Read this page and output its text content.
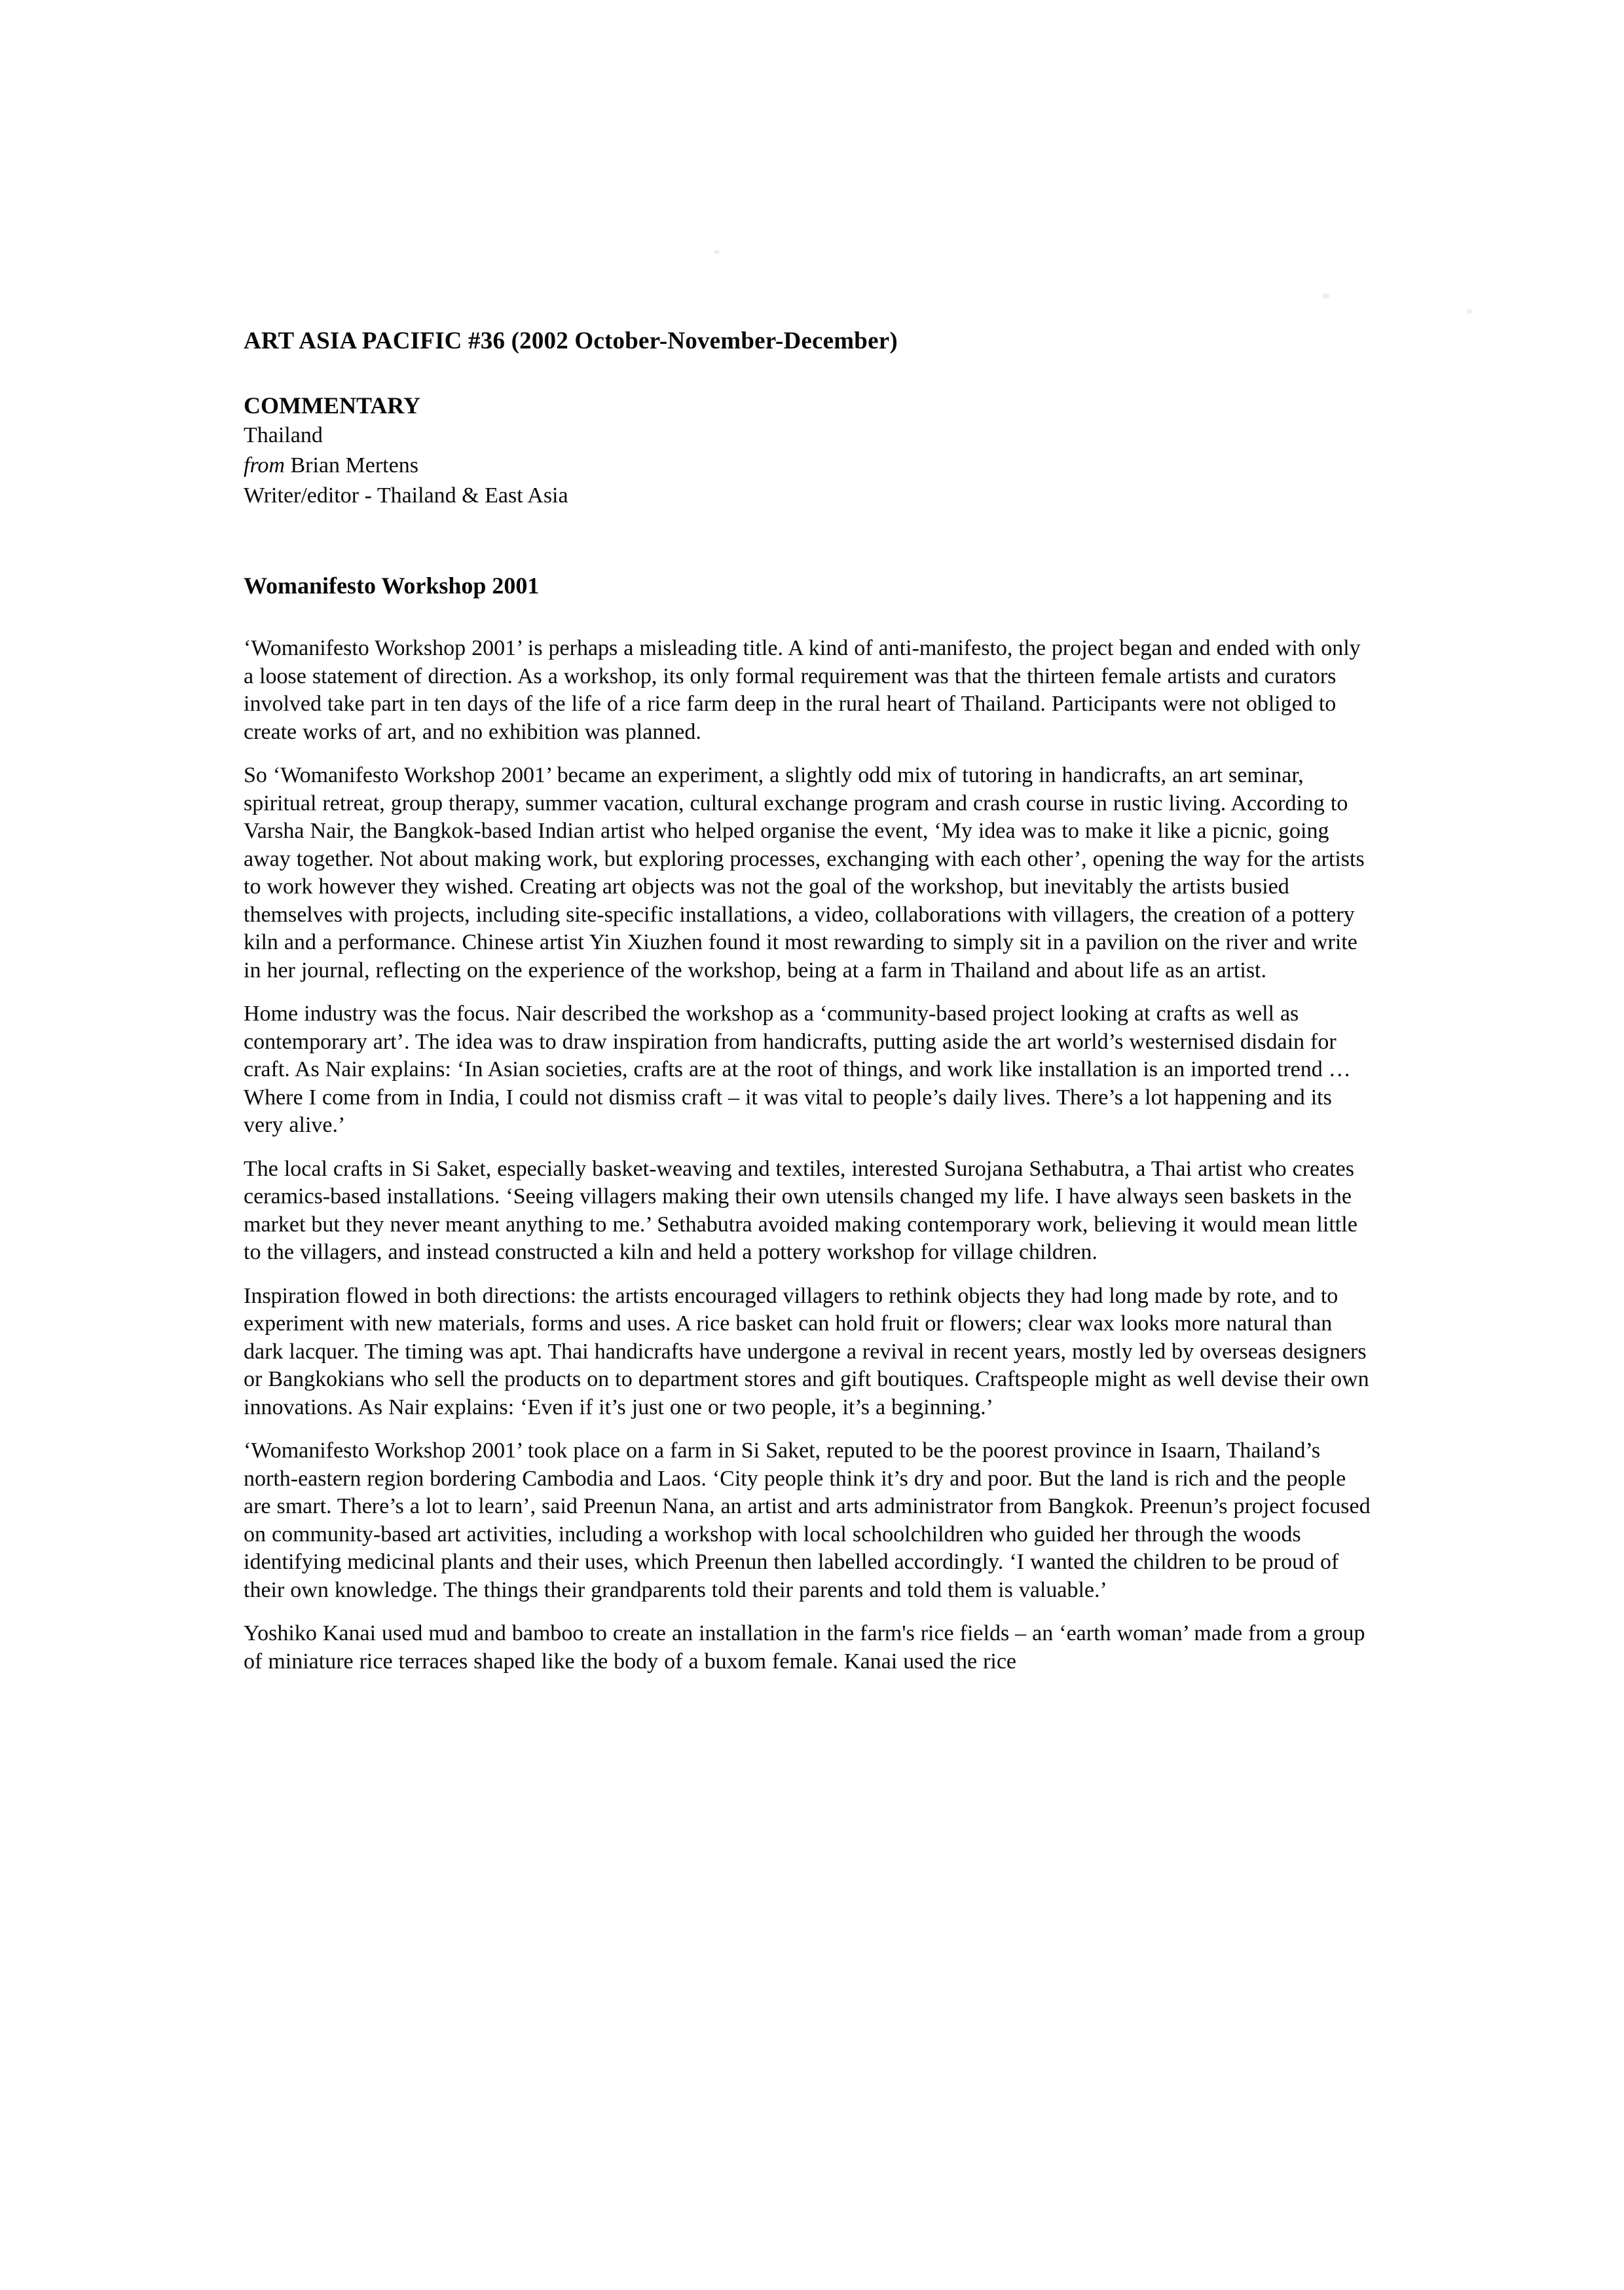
ART ASIA PACIFIC #36 (2002 October-November-December)
COMMENTARY
Thailand
from Brian Mertens
Writer/editor - Thailand & East Asia
Womanifesto Workshop 2001

‘Womanifesto Workshop 2001’ is perhaps a misleading title. A kind of anti-manifesto, the project began and ended with only a loose statement of direction. As a workshop, its only formal requirement was that the thirteen female artists and curators involved take part in ten days of the life of a rice farm deep in the rural heart of Thailand. Participants were not obliged to create works of art, and no exhibition was planned.

So ‘Womanifesto Workshop 2001’ became an experiment, a slightly odd mix of tutoring in handicrafts, an art seminar, spiritual retreat, group therapy, summer vacation, cultural exchange program and crash course in rustic living. According to Varsha Nair, the Bangkok-based Indian artist who helped organise the event, ‘My idea was to make it like a picnic, going away together. Not about making work, but exploring processes, exchanging with each other’, opening the way for the artists to work however they wished. Creating art objects was not the goal of the workshop, but inevitably the artists busied themselves with projects, including site-specific installations, a video, collaborations with villagers, the creation of a pottery kiln and a performance. Chinese artist Yin Xiuzhen found it most rewarding to simply sit in a pavilion on the river and write in her journal, reflecting on the experience of the workshop, being at a farm in Thailand and about life as an artist.

Home industry was the focus. Nair described the workshop as a ‘community-based project looking at crafts as well as contemporary art’. The idea was to draw inspiration from handicrafts, putting aside the art world’s westernised disdain for craft. As Nair explains: ‘In Asian societies, crafts are at the root of things, and work like installation is an imported trend … Where I come from in India, I could not dismiss craft – it was vital to people’s daily lives. There’s a lot happening and its very alive.’

The local crafts in Si Saket, especially basket-weaving and textiles, interested Surojana Sethabutra, a Thai artist who creates ceramics-based installations. ‘Seeing villagers making their own utensils changed my life. I have always seen baskets in the market but they never meant anything to me.’ Sethabutra avoided making contemporary work, believing it would mean little to the villagers, and instead constructed a kiln and held a pottery workshop for village children.

Inspiration flowed in both directions: the artists encouraged villagers to rethink objects they had long made by rote, and to experiment with new materials, forms and uses. A rice basket can hold fruit or flowers; clear wax looks more natural than dark lacquer. The timing was apt. Thai handicrafts have undergone a revival in recent years, mostly led by overseas designers or Bangkokians who sell the products on to department stores and gift boutiques. Craftspeople might as well devise their own innovations. As Nair explains: ‘Even if it’s just one or two people, it’s a beginning.’

‘Womanifesto Workshop 2001’ took place on a farm in Si Saket, reputed to be the poorest province in Isaarn, Thailand’s north-eastern region bordering Cambodia and Laos. ‘City people think it’s dry and poor. But the land is rich and the people are smart. There’s a lot to learn’, said Preenun Nana, an artist and arts administrator from Bangkok. Preenun’s project focused on community-based art activities, including a workshop with local schoolchildren who guided her through the woods identifying medicinal plants and their uses, which Preenun then labelled accordingly. ‘I wanted the children to be proud of their own knowledge. The things their grandparents told their parents and told them is valuable.’

Yoshiko Kanai used mud and bamboo to create an installation in the farm's rice fields – an ‘earth woman’ made from a group of miniature rice terraces shaped like the body of a buxom female. Kanai used the rice
